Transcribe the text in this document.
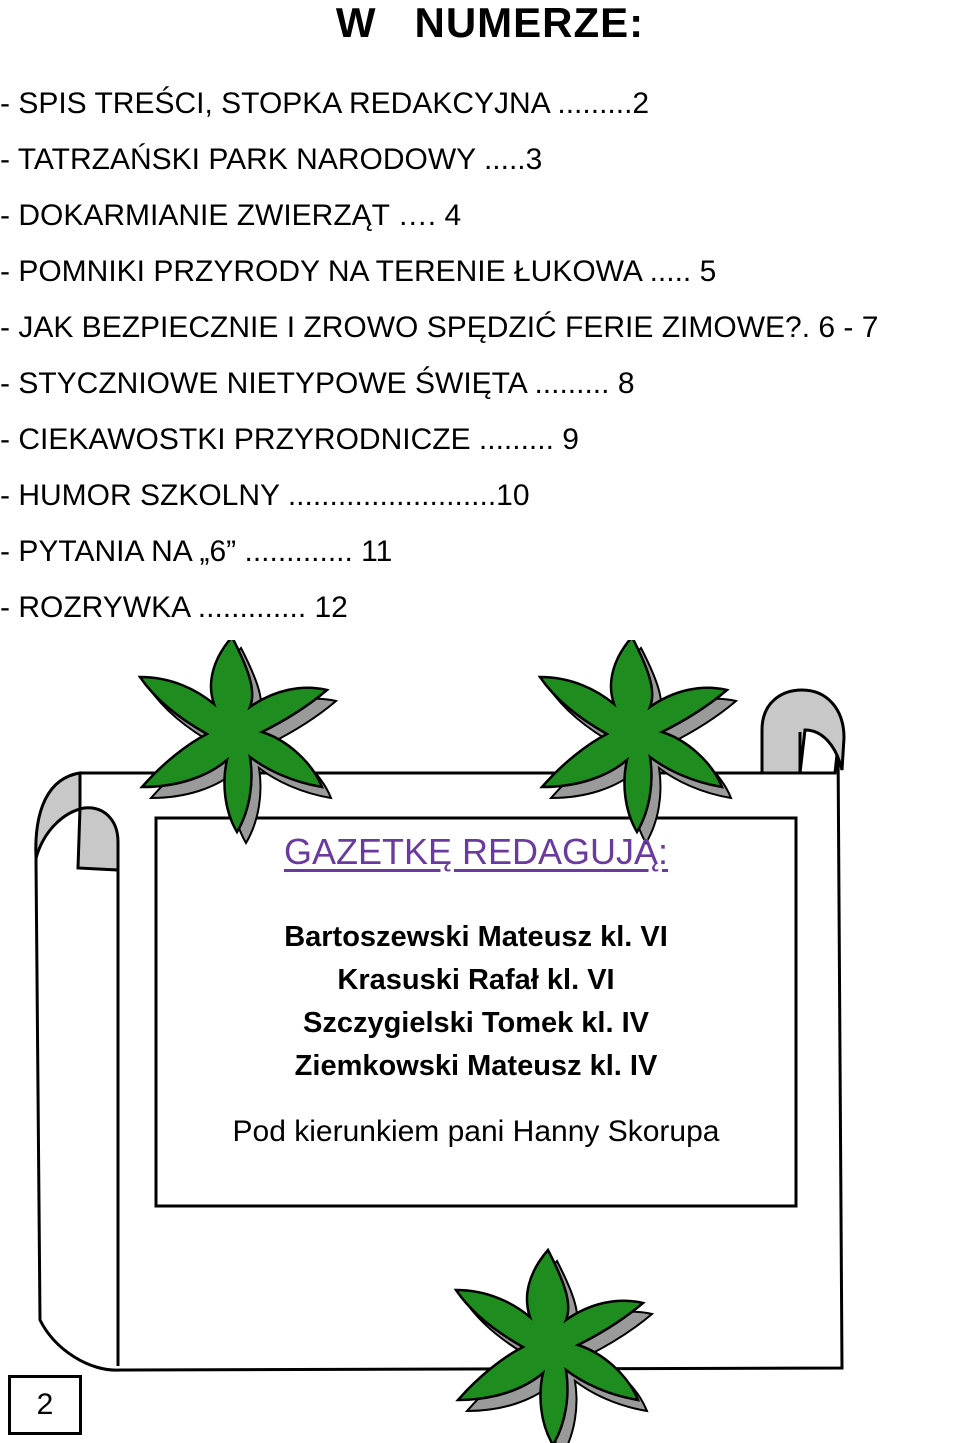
W   NUMERZE:
- SPIS TREŚCI, STOPKA REDAKCYJNA .........2
- TATRZAŃSKI PARK NARODOWY .....3
- DOKARMIANIE ZWIERZĄT …. 4
- POMNIKI PRZYRODY NA TERENIE ŁUKOWA ..... 5
- JAK BEZPIECZNIE I ZROWO SPĘDZIĆ FERIE ZIMOWE?. 6 - 7
- STYCZNIOWE NIETYPOWE ŚWIĘTA ......... 8
- CIEKAWOSTKI PRZYRODNICZE ......... 9
- HUMOR SZKOLNY .........................10
- PYTANIA NA „6” ............. 11
- ROZRYWKA ............. 12
GAZETKĘ REDAGUJĄ:
Bartoszewski Mateusz kl. VI
Krasuski Rafał kl. VI
Szczygielski Tomek kl. IV
Ziemkowski Mateusz kl. IV
Pod kierunkiem pani Hanny Skorupa
2
